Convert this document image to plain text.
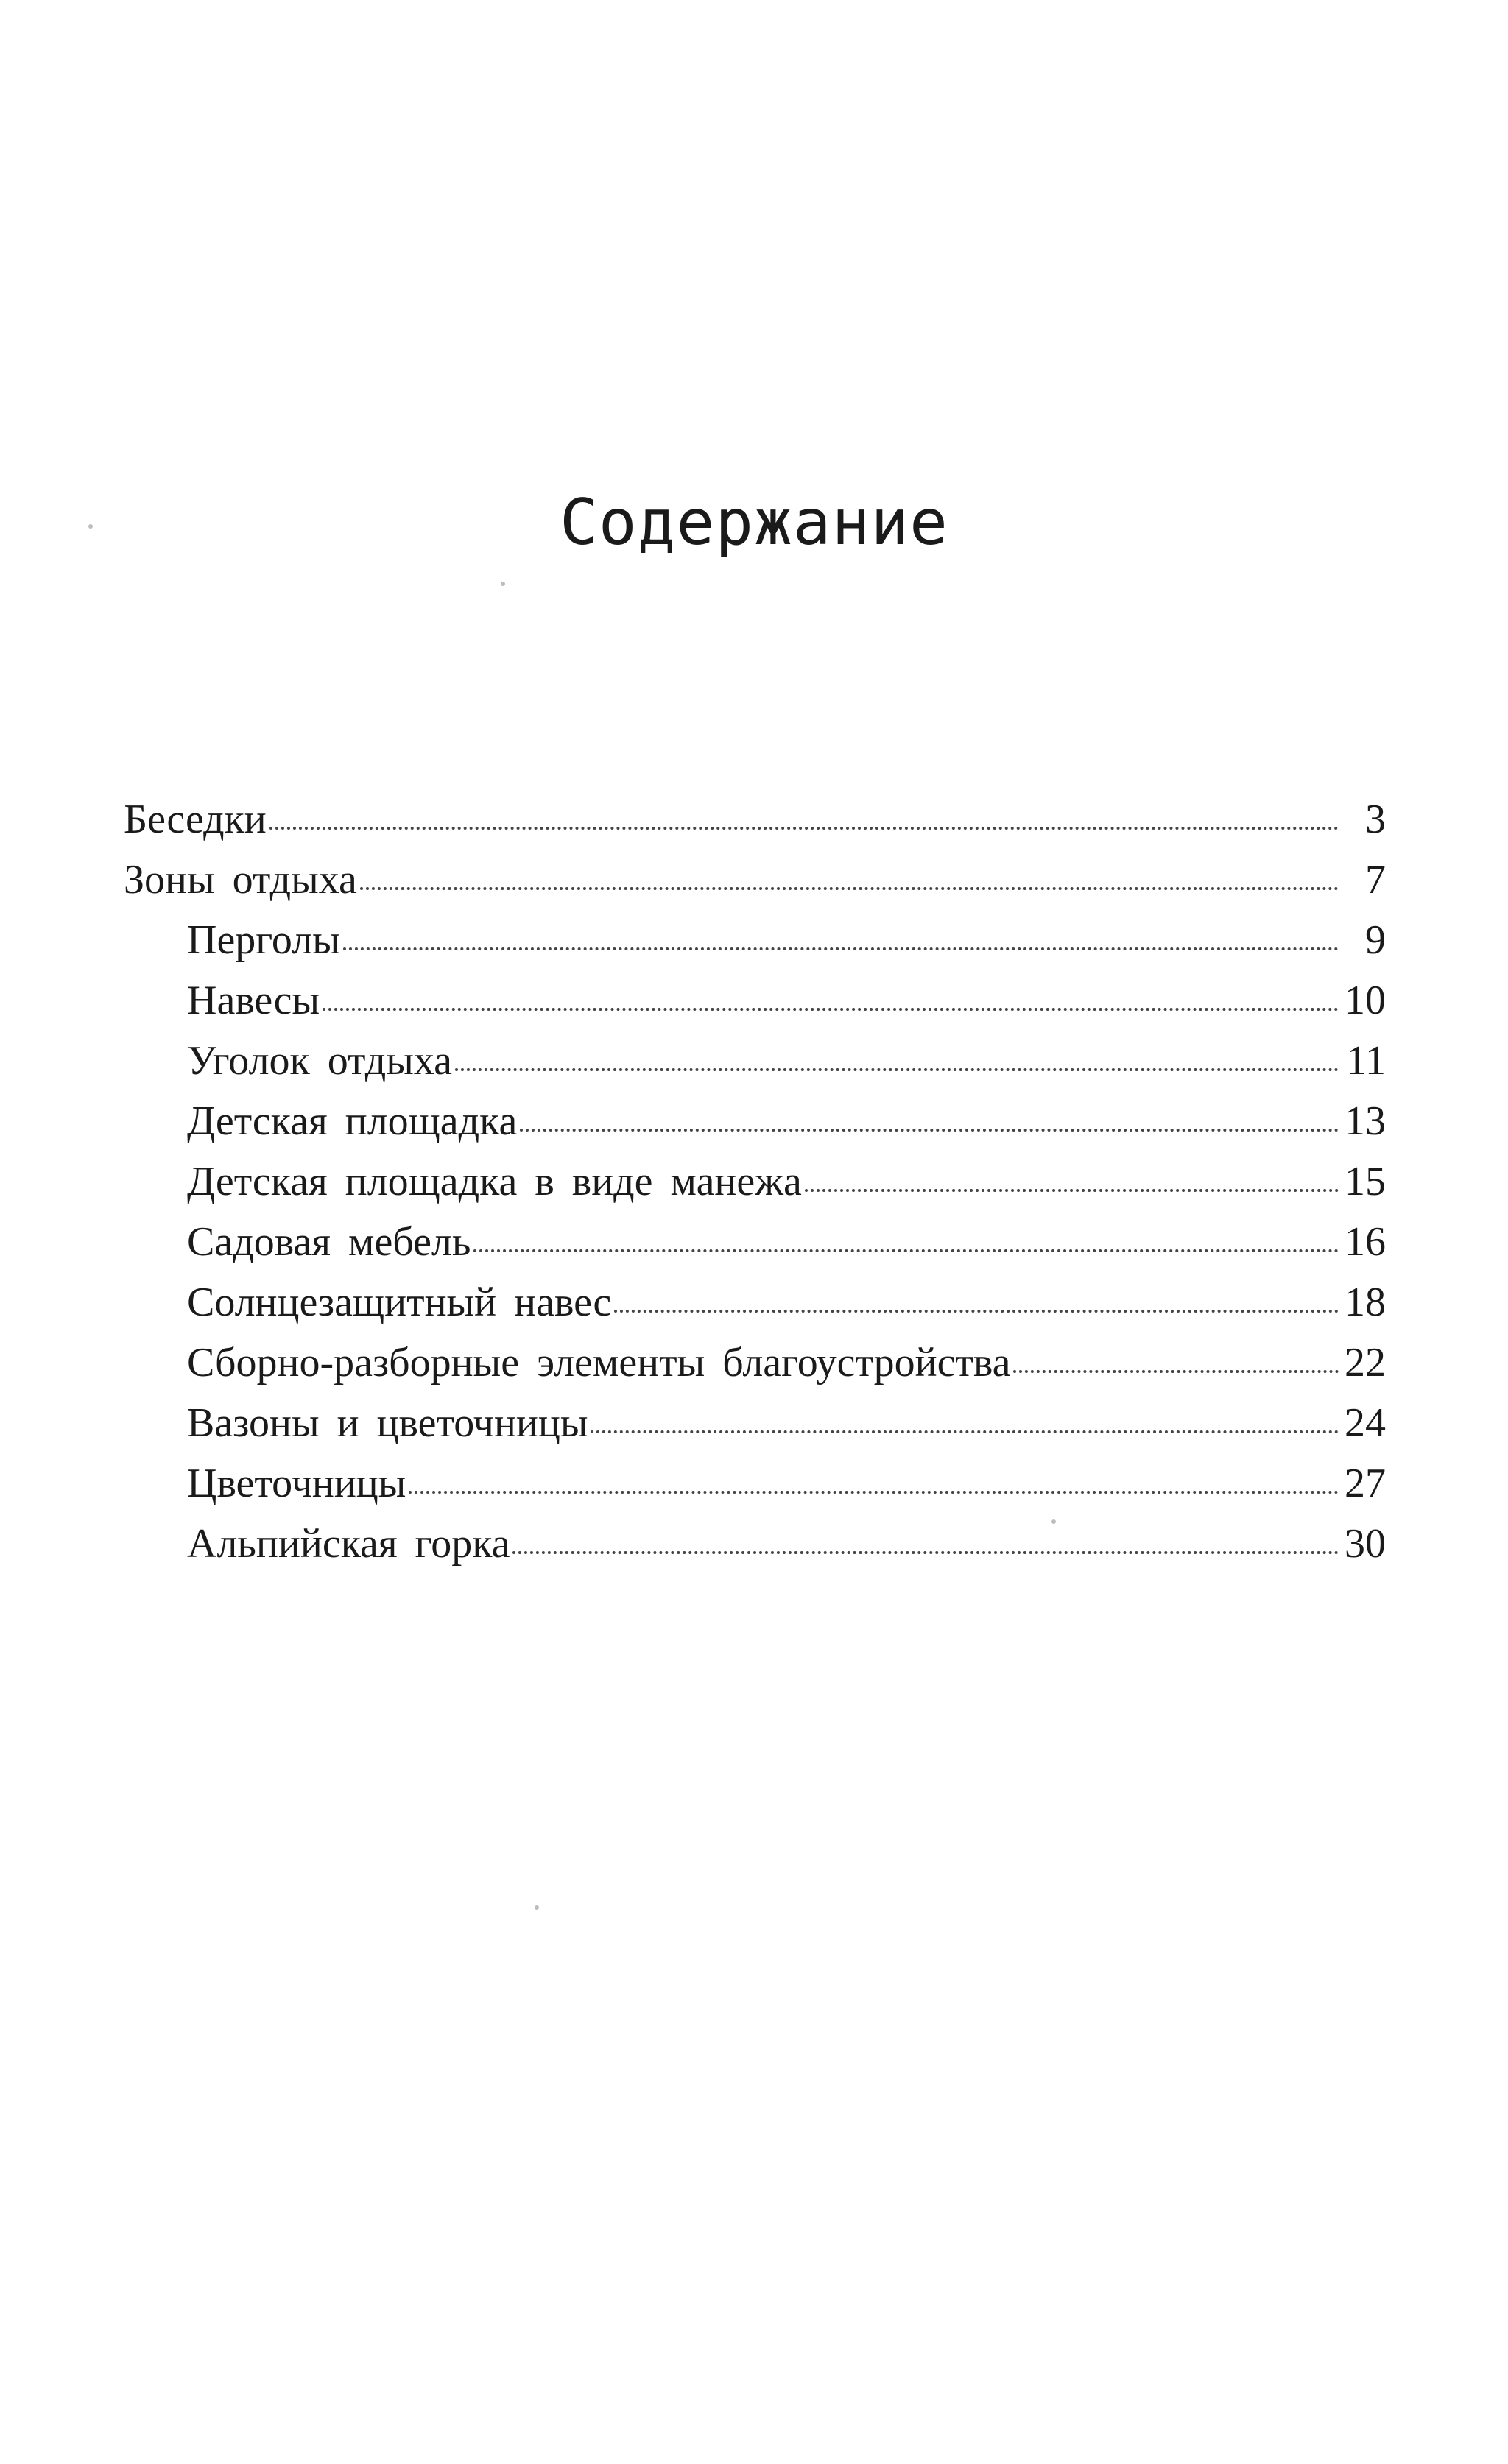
Содержание
Беседки	3
Зоны отдыха	7
Перголы	9
Навесы	10
Уголок отдыха	11
Детская площадка	13
Детская площадка в виде манежа	15
Садовая мебель	16
Солнцезащитный навес	18
Сборно-разборные элементы благоустройства	22
Вазоны и цветочницы	24
Цветочницы	27
Альпийская горка	30
